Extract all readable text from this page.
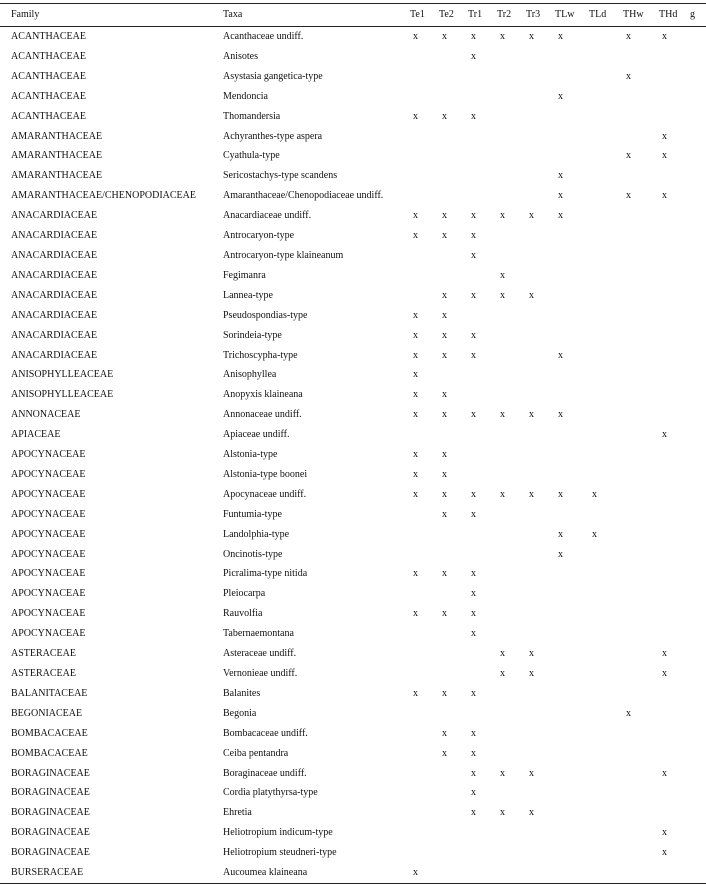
Family	Taxa	Te1	Te2	Tr1	Tr2	Tr3	TLw	TLd	THw	THd	g
ACANTHACEAE	Acanthaceae undiff.	x	x	x	x	x	x		x	x	
ACANTHACEAE	Anisotes			x							
ACANTHACEAE	Asystasia gangetica-type								x		
ACANTHACEAE	Mendoncia						x				
ACANTHACEAE	Thomandersia	x	x	x							
AMARANTHACEAE	Achyranthes-type aspera									x	
AMARANTHACEAE	Cyathula-type								x	x	
AMARANTHACEAE	Sericostachys-type scandens						x				
AMARANTHACEAE/CHENOPODIACEAE	Amaranthaceae/Chenopodiaceae undiff.						x		x	x	
ANACARDIACEAE	Anacardiaceae undiff.	x	x	x	x	x	x				
ANACARDIACEAE	Antrocaryon-type	x	x	x							
ANACARDIACEAE	Antrocaryon-type klaineanum			x							
ANACARDIACEAE	Fegimanra				x						
ANACARDIACEAE	Lannea-type		x	x	x	x					
ANACARDIACEAE	Pseudospondias-type	x	x								
ANACARDIACEAE	Sorindeia-type	x	x	x							
ANACARDIACEAE	Trichoscypha-type	x	x	x			x				
ANISOPHYLLEACEAE	Anisophyllea	x									
ANISOPHYLLEACEAE	Anopyxis klaineana	x	x								
ANNONACEAE	Annonaceae undiff.	x	x	x	x	x	x				
APIACEAE	Apiaceae undiff.									x	
APOCYNACEAE	Alstonia-type	x	x								
APOCYNACEAE	Alstonia-type boonei	x	x								
APOCYNACEAE	Apocynaceae undiff.	x	x	x	x	x	x	x			
APOCYNACEAE	Funtumia-type		x	x							
APOCYNACEAE	Landolphia-type						x	x			
APOCYNACEAE	Oncinotis-type						x				
APOCYNACEAE	Picralima-type nitida	x	x	x							
APOCYNACEAE	Pleiocarpa			x							
APOCYNACEAE	Rauvolfia	x	x	x							
APOCYNACEAE	Tabernaemontana			x							
ASTERACEAE	Asteraceae undiff.				x	x				x	
ASTERACEAE	Vernonieae undiff.				x	x				x	
BALANITACEAE	Balanites	x	x	x							
BEGONIACEAE	Begonia								x		
BOMBACACEAE	Bombacaceae undiff.		x	x							
BOMBACACEAE	Ceiba pentandra		x	x							
BORAGINACEAE	Boraginaceae undiff.			x	x	x				x	
BORAGINACEAE	Cordia platythyrsa-type			x							
BORAGINACEAE	Ehretia			x	x	x					
BORAGINACEAE	Heliotropium indicum-type									x	
BORAGINACEAE	Heliotropium steudneri-type									x	
BURSERACEAE	Aucoumea klaineana	x									
